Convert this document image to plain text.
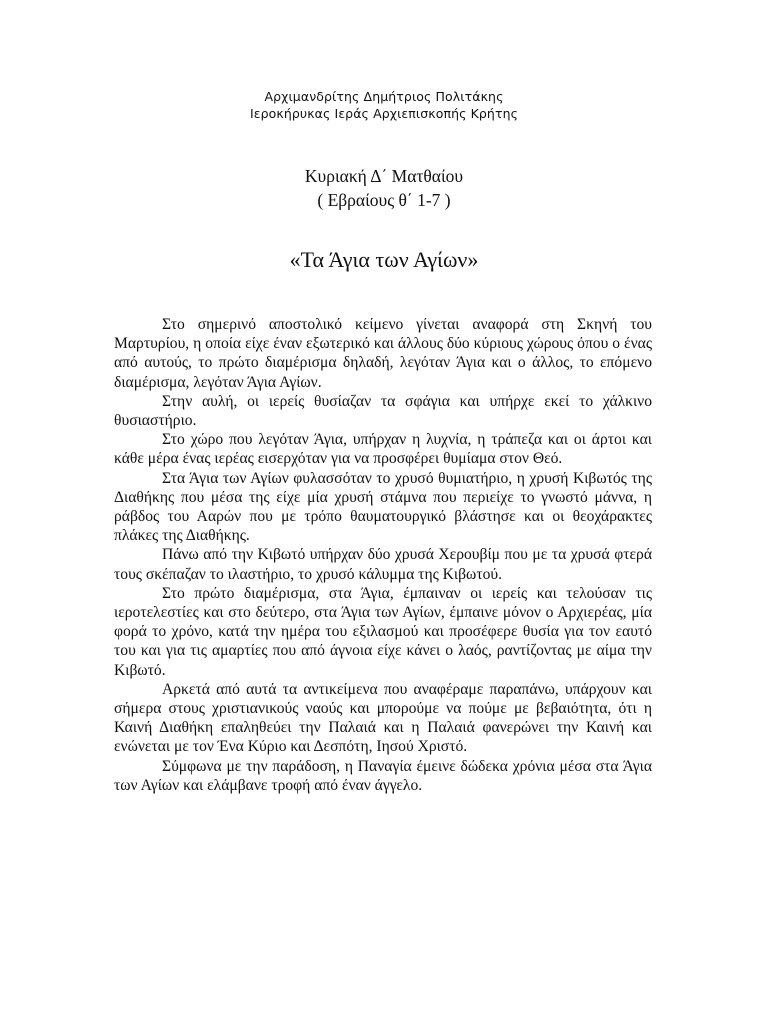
Αρχιμανδρίτης Δημήτριος Πολιτάκης
Ιεροκήρυκας Ιεράς Αρχιεπισκοπής Κρήτης
Κυριακή Δ΄ Ματθαίου
( Εβραίους θ΄ 1-7 )
«Τα Άγια των Αγίων»

Στο σημερινό αποστολικό κείμενο γίνεται αναφορά στη Σκηνή του Μαρτυρίου, η οποία είχε έναν εξωτερικό και άλλους δύο κύριους χώρους όπου ο ένας από αυτούς, το πρώτο διαμέρισμα δηλαδή, λεγόταν Άγια και ο άλλος, το επόμενο διαμέρισμα, λεγόταν Άγια Αγίων.

Στην αυλή, οι ιερείς θυσίαζαν τα σφάγια και υπήρχε εκεί το χάλκινο θυσιαστήριο.

Στο χώρο που λεγόταν Άγια, υπήρχαν η λυχνία, η τράπεζα και οι άρτοι και κάθε μέρα ένας ιερέας εισερχόταν για να προσφέρει θυμίαμα στον Θεό.

Στα Άγια των Αγίων φυλασσόταν το χρυσό θυμιατήριο, η χρυσή Κιβωτός της Διαθήκης που μέσα της είχε μία χρυσή στάμνα που περιείχε το γνωστό μάννα, η ράβδος του Ααρών που με τρόπο θαυματουργικό βλάστησε και οι θεοχάρακτες πλάκες της Διαθήκης.

Πάνω από την Κιβωτό υπήρχαν δύο χρυσά Χερουβίμ που με τα χρυσά φτερά τους σκέπαζαν το ιλαστήριο, το χρυσό κάλυμμα της Κιβωτού.

Στο πρώτο διαμέρισμα, στα Άγια, έμπαιναν οι ιερείς και τελούσαν τις ιεροτελεστίες και στο δεύτερο, στα Άγια των Αγίων, έμπαινε μόνον ο Αρχιερέας, μία φορά το χρόνο, κατά την ημέρα του εξιλασμού και προσέφερε θυσία για τον εαυτό του και για τις αμαρτίες που από άγνοια είχε κάνει ο λαός, ραντίζοντας με αίμα την Κιβωτό.

Αρκετά από αυτά τα αντικείμενα που αναφέραμε παραπάνω, υπάρχουν και σήμερα στους χριστιανικούς ναούς και μπορούμε να πούμε με βεβαιότητα, ότι η Καινή Διαθήκη επαληθεύει την Παλαιά και η Παλαιά φανερώνει την Καινή και ενώνεται με τον Ένα Κύριο και Δεσπότη, Ιησού Χριστό.

Σύμφωνα με την παράδοση, η Παναγία έμεινε δώδεκα χρόνια μέσα στα Άγια των Αγίων και ελάμβανε τροφή από έναν άγγελο.
